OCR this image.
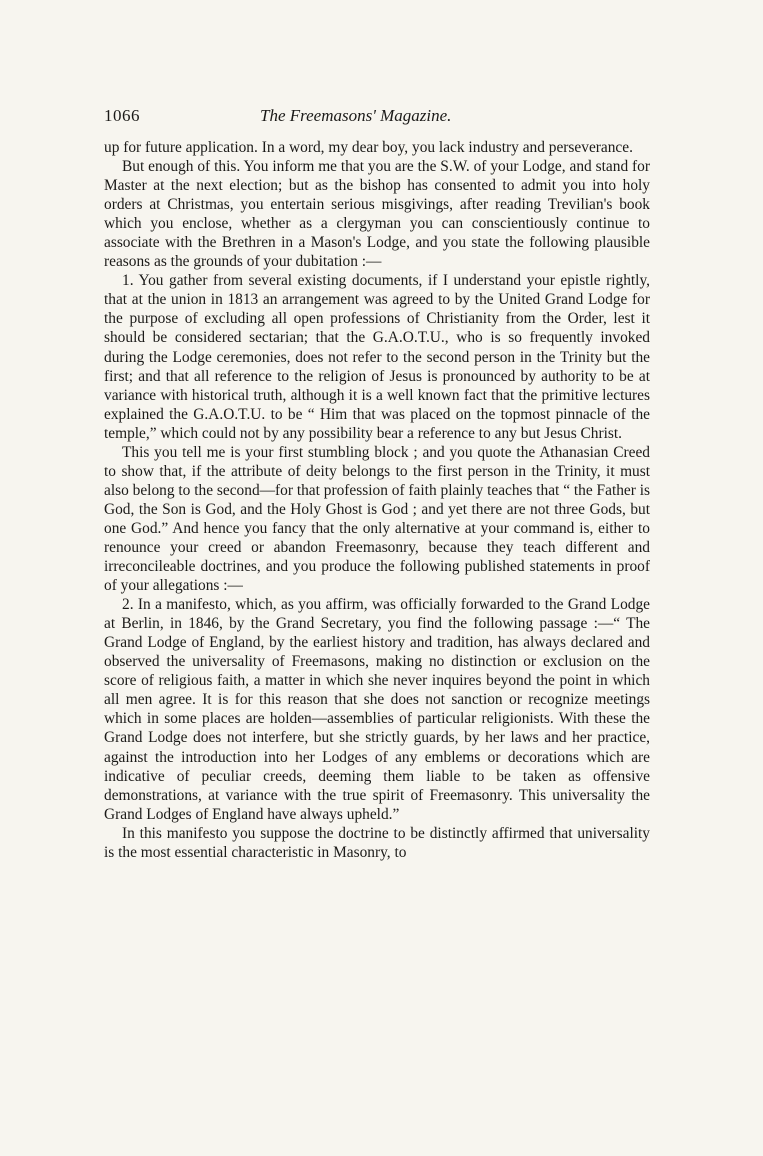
1066	The Freemasons' Magazine.

up for future application. In a word, my dear boy, you lack industry and perseverance.

But enough of this. You inform me that you are the S.W. of your Lodge, and stand for Master at the next election; but as the bishop has consented to admit you into holy orders at Christmas, you entertain serious misgivings, after reading Trevilian's book which you enclose, whether as a clergyman you can conscientiously continue to associate with the Brethren in a Mason's Lodge, and you state the following plausible reasons as the grounds of your dubitation :—

1. You gather from several existing documents, if I understand your epistle rightly, that at the union in 1813 an arrangement was agreed to by the United Grand Lodge for the purpose of excluding all open professions of Christianity from the Order, lest it should be considered sectarian; that the G.A.O.T.U., who is so frequently invoked during the Lodge ceremonies, does not refer to the second person in the Trinity but the first; and that all reference to the religion of Jesus is pronounced by authority to be at variance with historical truth, although it is a well known fact that the primitive lectures explained the G.A.O.T.U. to be “ Him that was placed on the topmost pinnacle of the temple,” which could not by any possibility bear a reference to any but Jesus Christ.

This you tell me is your first stumbling block ; and you quote the Athanasian Creed to show that, if the attribute of deity belongs to the first person in the Trinity, it must also belong to the second—for that profession of faith plainly teaches that “ the Father is God, the Son is God, and the Holy Ghost is God ; and yet there are not three Gods, but one God.” And hence you fancy that the only alternative at your command is, either to renounce your creed or abandon Freemasonry, because they teach different and irreconcileable doctrines, and you produce the following published statements in proof of your allegations :—

2. In a manifesto, which, as you affirm, was officially forwarded to the Grand Lodge at Berlin, in 1846, by the Grand Secretary, you find the following passage :—“ The Grand Lodge of England, by the earliest history and tradition, has always declared and observed the universality of Freemasons, making no distinction or exclusion on the score of religious faith, a matter in which she never inquires beyond the point in which all men agree. It is for this reason that she does not sanction or recognize meetings which in some places are holden—assemblies of particular religionists. With these the Grand Lodge does not interfere, but she strictly guards, by her laws and her practice, against the introduction into her Lodges of any emblems or decorations which are indicative of peculiar creeds, deeming them liable to be taken as offensive demonstrations, at variance with the true spirit of Freemasonry. This universality the Grand Lodges of England have always upheld.”

In this manifesto you suppose the doctrine to be distinctly affirmed that universality is the most essential characteristic in Masonry, to
